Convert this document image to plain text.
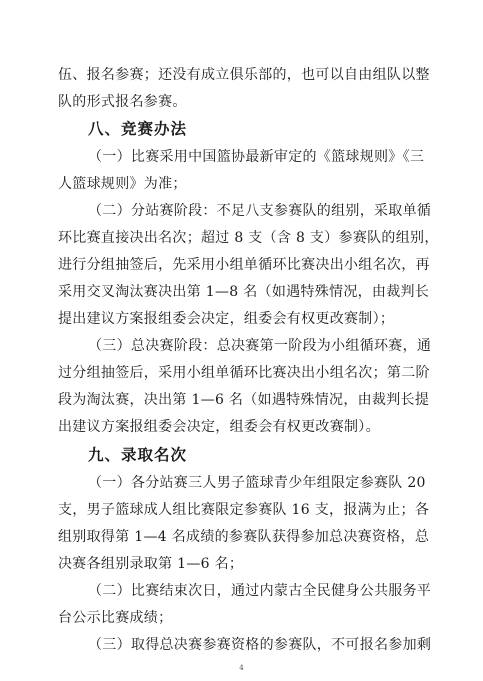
伍、报名参赛；还没有成立俱乐部的，也可以自由组队以整
队的形式报名参赛。
八、竞赛办法
（一）比赛采用中国篮协最新审定的《篮球规则》《三
人篮球规则》为准；
（二）分站赛阶段：不足八支参赛队的组别，采取单循
环比赛直接决出名次；超过 8 支（含 8 支）参赛队的组别，
进行分组抽签后，先采用小组单循环比赛决出小组名次，再
采用交叉淘汰赛决出第 1—8 名（如遇特殊情况，由裁判长
提出建议方案报组委会决定，组委会有权更改赛制）；
（三）总决赛阶段：总决赛第一阶段为小组循环赛，通
过分组抽签后，采用小组单循环比赛决出小组名次；第二阶
段为淘汰赛，决出第 1—6 名（如遇特殊情况，由裁判长提
出建议方案报组委会决定，组委会有权更改赛制）。
九、录取名次
（一）各分站赛三人男子篮球青少年组限定参赛队 20
支，男子篮球成人组比赛限定参赛队 16 支，报满为止；各
组别取得第 1—4 名成绩的参赛队获得参加总决赛资格，总
决赛各组别录取第 1—6 名；
（二）比赛结束次日，通过内蒙古全民健身公共服务平
台公示比赛成绩；
（三）取得总决赛参赛资格的参赛队，不可报名参加剩
4
